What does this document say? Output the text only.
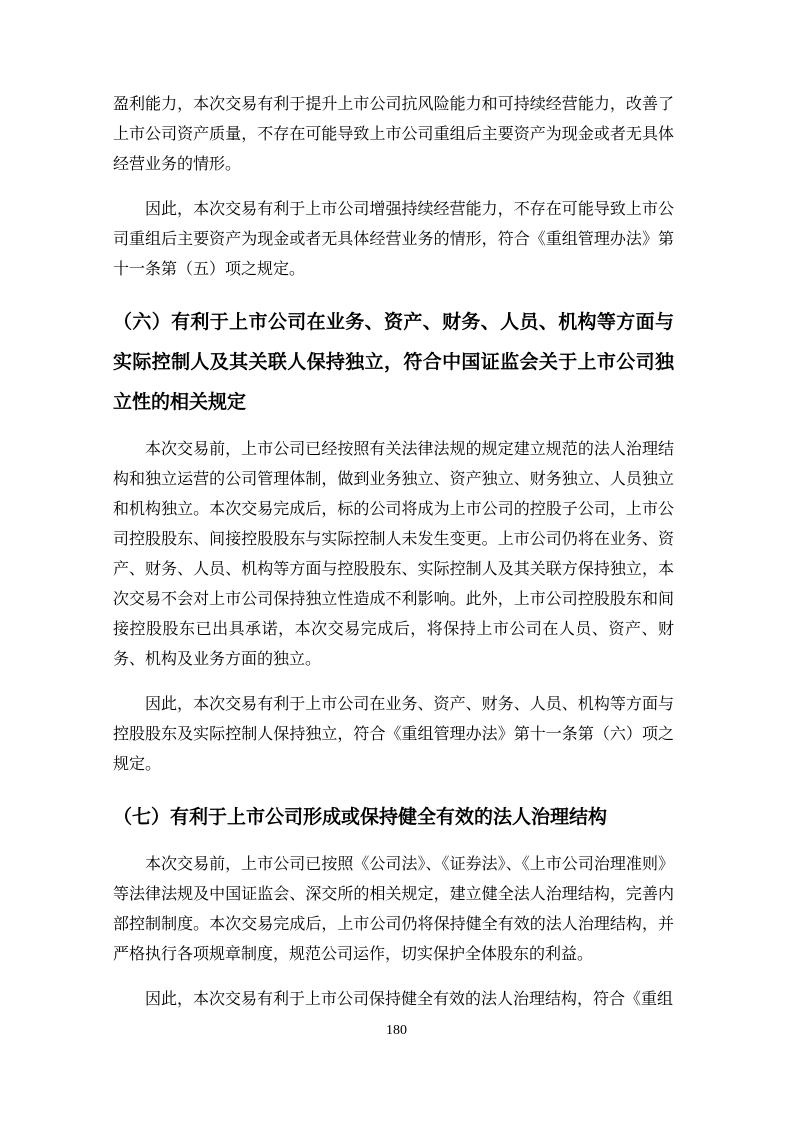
盈利能力，本次交易有利于提升上市公司抗风险能力和可持续经营能力，改善了上市公司资产质量，不存在可能导致上市公司重组后主要资产为现金或者无具体经营业务的情形。

因此，本次交易有利于上市公司增强持续经营能力，不存在可能导致上市公司重组后主要资产为现金或者无具体经营业务的情形，符合《重组管理办法》第十一条第（五）项之规定。

（六）有利于上市公司在业务、资产、财务、人员、机构等方面与实际控制人及其关联人保持独立，符合中国证监会关于上市公司独立性的相关规定

本次交易前，上市公司已经按照有关法律法规的规定建立规范的法人治理结构和独立运营的公司管理体制，做到业务独立、资产独立、财务独立、人员独立和机构独立。本次交易完成后，标的公司将成为上市公司的控股子公司，上市公司控股股东、间接控股股东与实际控制人未发生变更。上市公司仍将在业务、资产、财务、人员、机构等方面与控股股东、实际控制人及其关联方保持独立，本次交易不会对上市公司保持独立性造成不利影响。此外，上市公司控股股东和间接控股股东已出具承诺，本次交易完成后，将保持上市公司在人员、资产、财务、机构及业务方面的独立。

因此，本次交易有利于上市公司在业务、资产、财务、人员、机构等方面与控股股东及实际控制人保持独立，符合《重组管理办法》第十一条第（六）项之规定。

（七）有利于上市公司形成或保持健全有效的法人治理结构

本次交易前，上市公司已按照《公司法》、《证券法》、《上市公司治理准则》等法律法规及中国证监会、深交所的相关规定，建立健全法人治理结构，完善内部控制制度。本次交易完成后，上市公司仍将保持健全有效的法人治理结构，并严格执行各项规章制度，规范公司运作，切实保护全体股东的利益。

因此，本次交易有利于上市公司保持健全有效的法人治理结构，符合《重组

180
